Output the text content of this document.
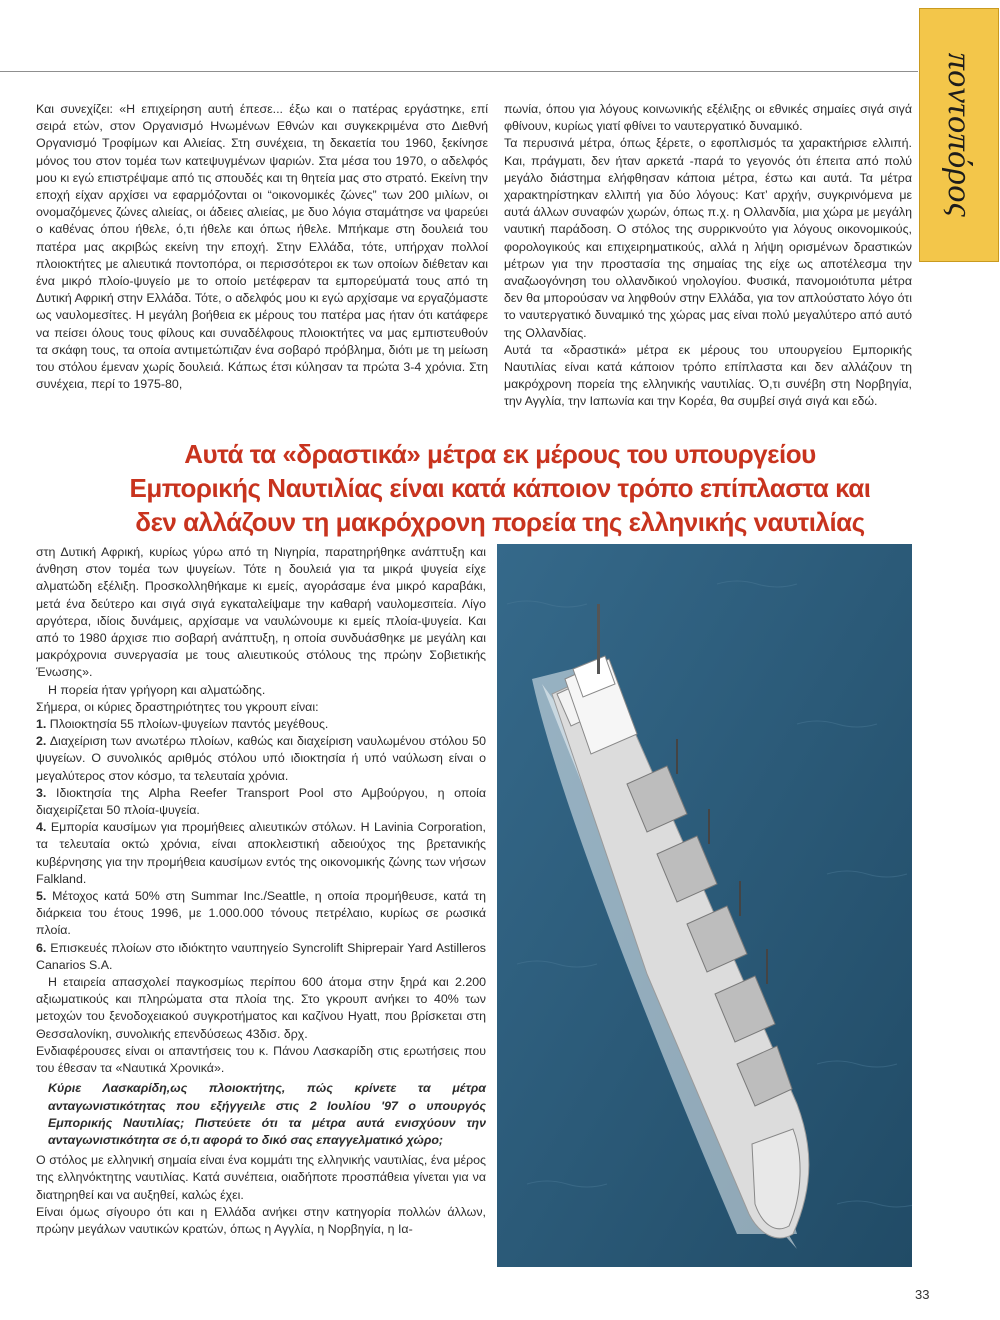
ποντοπόρος

Και συνεχίζει: «Η επιχείρηση αυτή έπεσε... έξω και ο πατέρας εργάστηκε, επί σειρά ετών, στον Οργανισμό Ηνωμένων Εθνών και συγκεκριμένα στο Διεθνή Οργανισμό Τροφίμων και Αλιείας. Στη συνέχεια, τη δεκαετία του 1960, ξεκίνησε μόνος του στον τομέα των κατεψυγμένων ψαριών. Στα μέσα του 1970, ο αδελφός μου κι εγώ επιστρέψαμε από τις σπουδές και τη θητεία μας στο στρατό. Εκείνη την εποχή είχαν αρχίσει να εφαρμόζονται οι “οικονομικές ζώνες” των 200 μιλίων, οι ονομαζόμενες ζώνες αλιείας, οι άδειες αλιείας, με δυο λόγια σταμάτησε να ψαρεύει ο καθένας όπου ήθελε, ό,τι ήθελε και όπως ήθελε. Μπήκαμε στη δουλειά του πατέρα μας ακριβώς εκείνη την εποχή. Στην Ελλάδα, τότε, υπήρχαν πολλοί πλοιοκτήτες με αλιευτικά ποντοπόρα, οι περισσότεροι εκ των οποίων διέθεταν και ένα μικρό πλοίο-ψυγείο με το οποίο μετέφεραν τα εμπορεύματά τους από τη Δυτική Αφρική στην Ελλάδα. Τότε, ο αδελφός μου κι εγώ αρχίσαμε να εργαζόμαστε ως ναυλομεσίτες. Η μεγάλη βοήθεια εκ μέρους του πατέρα μας ήταν ότι κατάφερε να πείσει όλους τους φίλους και συναδέλφους πλοιοκτήτες να μας εμπιστευθούν τα σκάφη τους, τα οποία αντιμετώπιζαν ένα σοβαρό πρόβλημα, διότι με τη μείωση του στόλου έμεναν χωρίς δουλειά. Κάπως έτσι κύλησαν τα πρώτα 3-4 χρόνια. Στη συνέχεια, περί το 1975-80,

πωνία, όπου για λόγους κοινωνικής εξέλιξης οι εθνικές σημαίες σιγά σιγά φθίνουν, κυρίως γιατί φθίνει το ναυτεργατικό δυναμικό.

Τα περυσινά μέτρα, όπως ξέρετε, ο εφοπλισμός τα χαρακτήρισε ελλιπή. Και, πράγματι, δεν ήταν αρκετά -παρά το γεγονός ότι έπειτα από πολύ μεγάλο διάστημα ελήφθησαν κάποια μέτρα, έστω και αυτά. Τα μέτρα χαρακτηρίστηκαν ελλιπή για δύο λόγους: Κατ’ αρχήν, συγκρινόμενα με αυτά άλλων συναφών χωρών, όπως π.χ. η Ολλανδία, μια χώρα με μεγάλη ναυτική παράδοση. Ο στόλος της συρρικνούτο για λόγους οικονομικούς, φορολογικούς και επιχειρηματικούς, αλλά η λήψη ορισμένων δραστικών μέτρων για την προστασία της σημαίας της είχε ως αποτέλεσμα την αναζωογόνηση του ολλανδικού νηολογίου. Φυσικά, πανομοιότυπα μέτρα δεν θα μπορούσαν να ληφθούν στην Ελλάδα, για τον απλούστατο λόγο ότι το ναυτεργατικό δυναμικό της χώρας μας είναι πολύ μεγαλύτερο από αυτό της Ολλανδίας.

Αυτά τα «δραστικά» μέτρα εκ μέρους του υπουργείου Εμπορικής Ναυτιλίας είναι κατά κάποιον τρόπο επίπλαστα και δεν αλλάζουν τη μακρόχρονη πορεία της ελληνικής ναυτιλίας. Ό,τι συνέβη στη Νορβηγία, την Αγγλία, την Ιαπωνία και την Κορέα, θα συμβεί σιγά σιγά και εδώ.

Αυτά τα «δραστικά» μέτρα εκ μέρους του υπουργείου Εμπορικής Ναυτιλίας είναι κατά κάποιον τρόπο επίπλαστα και δεν αλλάζουν τη μακρόχρονη πορεία της ελληνικής ναυτιλίας

στη Δυτική Αφρική, κυρίως γύρω από τη Νιγηρία, παρατηρήθηκε ανάπτυξη και άνθηση στον τομέα των ψυγείων. Τότε η δουλειά για τα μικρά ψυγεία είχε αλματώδη εξέλιξη. Προσκολληθήκαμε κι εμείς, αγοράσαμε ένα μικρό καραβάκι, μετά ένα δεύτερο και σιγά σιγά εγκαταλείψαμε την καθαρή ναυλομεσιτεία. Λίγο αργότερα, ιδίοις δυνάμεις, αρχίσαμε να ναυλώνουμε κι εμείς πλοία-ψυγεία. Και από το 1980 άρχισε πιο σοβαρή ανάπτυξη, η οποία συνδυάσθηκε με μεγάλη και μακρόχρονια συνεργασία με τους αλιευτικούς στόλους της πρώην Σοβιετικής Ένωσης».

Η πορεία ήταν γρήγορη και αλματώδης.

Σήμερα, οι κύριες δραστηριότητες του γκρουπ είναι:

1. Πλοιοκτησία 55 πλοίων-ψυγείων παντός μεγέθους.

2. Διαχείριση των ανωτέρω πλοίων, καθώς και διαχείριση ναυλωμένου στόλου 50 ψυγείων. Ο συνολικός αριθμός στόλου υπό ιδιοκτησία ή υπό ναύλωση είναι ο μεγαλύτερος στον κόσμο, τα τελευταία χρόνια.

3. Ιδιοκτησία της Alpha Reefer Transport Pool στο Αμβούργου, η οποία διαχειρίζεται 50 πλοία-ψυγεία.

4. Εμπορία καυσίμων για προμήθειες αλιευτικών στόλων. Η Lavinia Corporation, τα τελευταία οκτώ χρόνια, είναι αποκλειστική αδειούχος της βρετανικής κυβέρνησης για την προμήθεια καυσίμων εντός της οικονομικής ζώνης των νήσων Falkland.

5. Μέτοχος κατά 50% στη Summar Inc./Seattle, η οποία προμήθευσε, κατά τη διάρκεια του έτους 1996, με 1.000.000 τόνους πετρέλαιο, κυρίως σε ρωσικά πλοία.

6. Επισκευές πλοίων στο ιδιόκτητο ναυπηγείο Syncrolift Shiprepair Yard Astilleros Canarios S.A.

Η εταιρεία απασχολεί παγκοσμίως περίπου 600 άτομα στην ξηρά και 2.200 αξιωματικούς και πληρώματα στα πλοία της. Στο γκρουπ ανήκει το 40% των μετοχών του ξενοδοχειακού συγκροτήματος και καζίνου Hyatt, που βρίσκεται στη Θεσσαλονίκη, συνολικής επενδύσεως 43δισ. δρχ.

Ενδιαφέρουσες είναι οι απαντήσεις του κ. Πάνου Λασκαρίδη στις ερωτήσεις που του έθεσαν τα «Ναυτικά Χρονικά».

Κύριε Λασκαρίδη,ως πλοιοκτήτης, πώς κρίνετε τα μέτρα ανταγωνιστικότητας που εξήγγειλε στις 2 Ιουλίου '97 ο υπουργός Εμπορικής Ναυτιλίας; Πιστεύετε ότι τα μέτρα αυτά ενισχύουν την ανταγωνιστικότητα σε ό,τι αφορά το δικό σας επαγγελματικό χώρο;

Ο στόλος με ελληνική σημαία είναι ένα κομμάτι της ελληνικής ναυτιλίας, ένα μέρος της ελληνόκτητης ναυτιλίας. Κατά συνέπεια, οιαδήποτε προσπάθεια γίνεται για να διατηρηθεί και να αυξηθεί, καλώς έχει.

Είναι όμως σίγουρο ότι και η Ελλάδα ανήκει στην κατηγορία πολλών άλλων, πρώην μεγάλων ναυτικών κρατών, όπως η Αγγλία, η Νορβηγία, η Ια-

33
